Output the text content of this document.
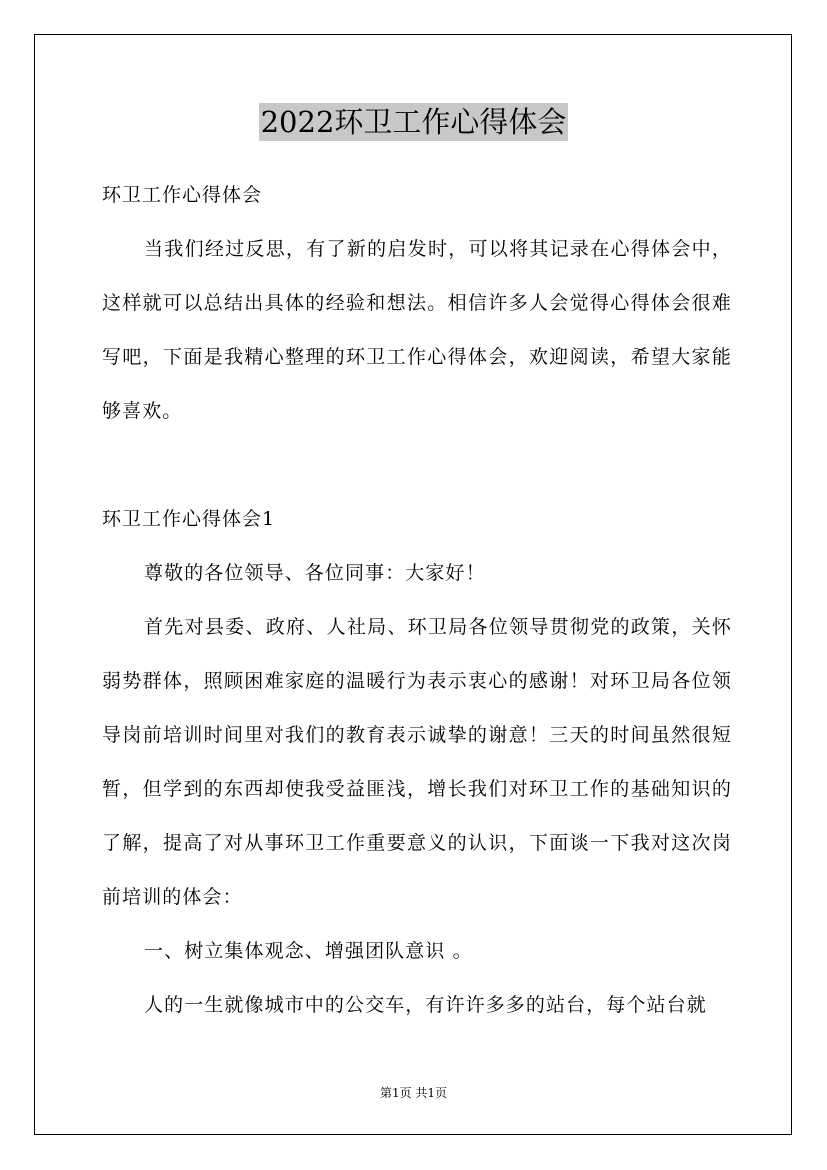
2022环卫工作心得体会

环卫工作心得体会

当我们经过反思，有了新的启发时，可以将其记录在心得体会中，这样就可以总结出具体的经验和想法。相信许多人会觉得心得体会很难写吧，下面是我精心整理的环卫工作心得体会，欢迎阅读，希望大家能够喜欢。

环卫工作心得体会1

尊敬的各位领导、各位同事：大家好！

首先对县委、政府、人社局、环卫局各位领导贯彻党的政策，关怀弱势群体，照顾困难家庭的温暖行为表示衷心的感谢！对环卫局各位领导岗前培训时间里对我们的教育表示诚挚的谢意！三天的时间虽然很短暂，但学到的东西却使我受益匪浅，增长我们对环卫工作的基础知识的了解，提高了对从事环卫工作重要意义的认识，下面谈一下我对这次岗前培训的体会：

一、树立集体观念、增强团队意识 。

人的一生就像城市中的公交车，有许许多多的站台，每个站台就

第1页 共1页
